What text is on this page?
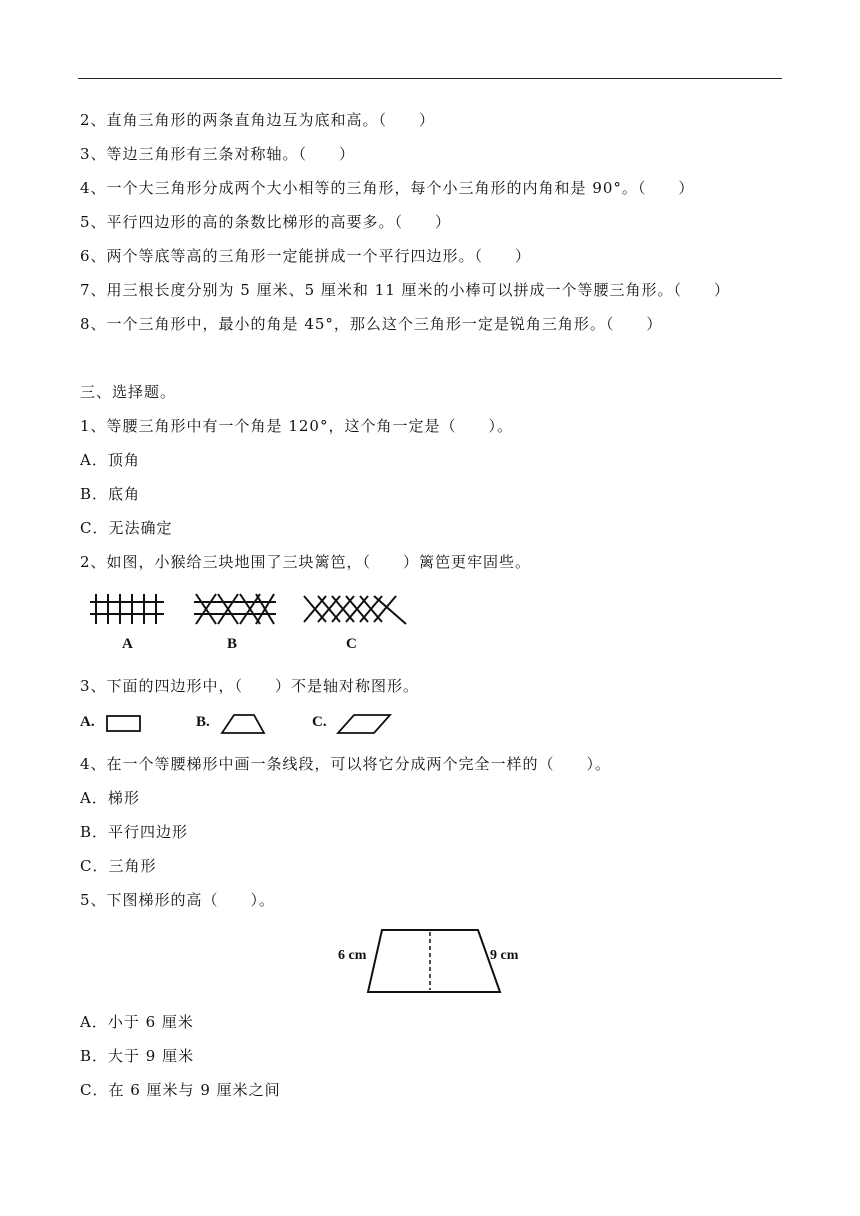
2、直角三角形的两条直角边互为底和高。（　　）
3、等边三角形有三条对称轴。（　　）
4、一个大三角形分成两个大小相等的三角形，每个小三角形的内角和是 90°。（　　）
5、平行四边形的高的条数比梯形的高要多。（　　）
6、两个等底等高的三角形一定能拼成一个平行四边形。（　　）
7、用三根长度分别为 5 厘米、5 厘米和 11 厘米的小棒可以拼成一个等腰三角形。（　　）
8、一个三角形中，最小的角是 45°，那么这个三角形一定是锐角三角形。（　　）
三、选择题。
1、等腰三角形中有一个角是 120°，这个角一定是（　　）。
A．顶角
B．底角
C．无法确定
2、如图，小猴给三块地围了三块篱笆，（　　）篱笆更牢固些。
A	B	C
3、下面的四边形中，（　　）不是轴对称图形。
A.	B.	C.
4、在一个等腰梯形中画一条线段，可以将它分成两个完全一样的（　　）。
A．梯形
B．平行四边形
C．三角形
5、下图梯形的高（　　）。
6 cm	9 cm
A．小于 6 厘米
B．大于 9 厘米
C．在 6 厘米与 9 厘米之间
